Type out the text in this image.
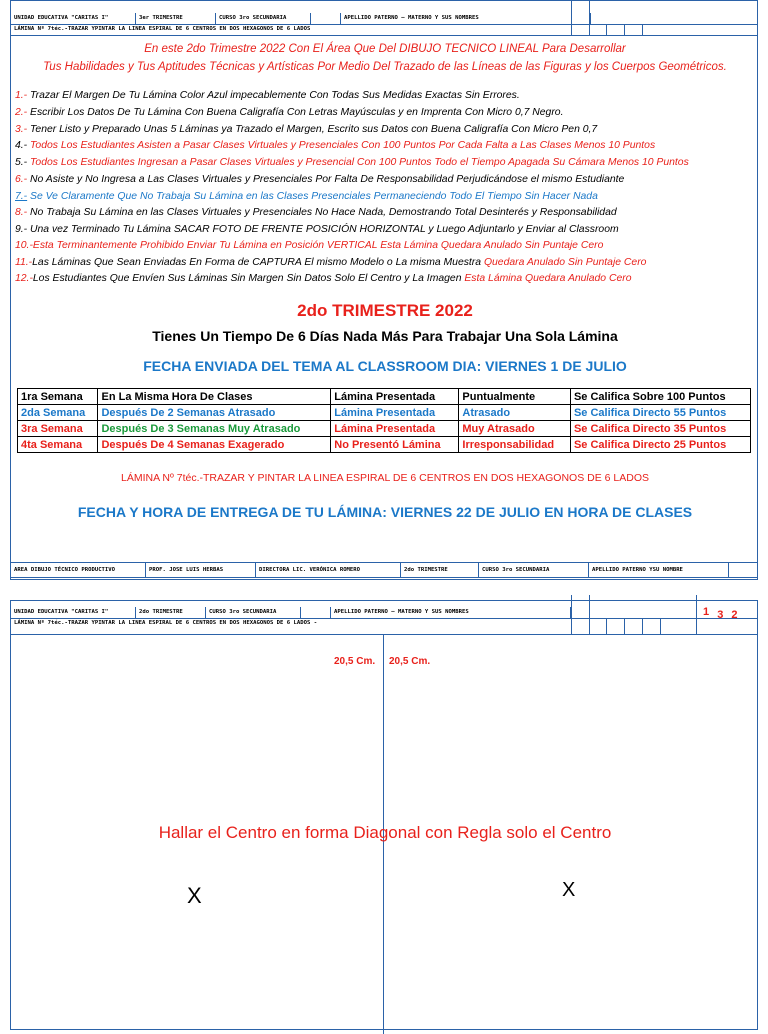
UNIDAD EDUCATIVA "CARITAS I"	3er TRIMESTRE	CURSO 3ro SECUNDARIA	APELLIDO PATERNO – MATERNO Y SUS NOMBRES
LÁMINA Nº 7téc.-TRAZAR YPINTAR LA LINEA ESPIRAL DE 6 CENTROS EN DOS HEXAGONOS DE 6 LADOS
En este 2do Trimestre 2022 Con El Área Que Del DIBUJO TECNICO LINEAL Para Desarrollar
Tus Habilidades y Tus Aptitudes Técnicas y Artísticas Por Medio Del Trazado de las Líneas de las Figuras y los Cuerpos Geométricos.
1.- Trazar El Margen De Tu Lámina Color Azul impecablemente Con Todas Sus Medidas Exactas Sin Errores.
2.- Escribir Los Datos De Tu Lámina Con Buena Caligrafía Con Letras Mayúsculas y en Imprenta Con Micro 0,7 Negro.
3.- Tener Listo y Preparado Unas 5 Láminas ya Trazado el Margen, Escrito sus Datos con Buena Caligrafía Con Micro Pen 0,7
4.- Todos Los Estudiantes Asisten a Pasar Clases Virtuales y Presenciales Con 100 Puntos Por Cada Falta a Las Clases Menos 10 Puntos
5.- Todos Los Estudiantes Ingresan a Pasar Clases Virtuales y Presencial Con 100 Puntos Todo el Tiempo Apagada Su Cámara Menos 10 Puntos
6.- No Asiste y No Ingresa a Las Clases Virtuales y Presenciales Por Falta De Responsabilidad Perjudicándose el mismo Estudiante
7.- Se Ve Claramente Que No Trabaja Su Lámina en las Clases Presenciales Permaneciendo Todo El Tiempo Sin Hacer Nada
8.- No Trabaja Su Lámina en las Clases Virtuales y Presenciales No Hace Nada, Demostrando Total Desinterés y Responsabilidad
9.- Una vez Terminado Tu Lámina SACAR FOTO DE FRENTE POSICIÓN HORIZONTAL y Luego Adjuntarlo y Enviar al Classroom
10.-Esta Terminantemente Prohibido Enviar Tu Lámina en Posición VERTICAL Esta Lámina Quedara Anulado Sin Puntaje Cero
11.-Las Láminas Que Sean Enviadas En Forma de CAPTURA El mismo Modelo o La misma Muestra Quedara Anulado Sin Puntaje Cero
12.-Los Estudiantes Que Envíen Sus Láminas Sin Margen Sin Datos Solo El Centro y La Imagen Esta Lámina Quedara Anulado Cero
2do TRIMESTRE 2022
Tienes Un Tiempo De 6 Días Nada Más Para Trabajar Una Sola Lámina
FECHA ENVIADA DEL TEMA AL CLASSROOM DIA: VIERNES 1 DE JULIO
1ra Semana	En La Misma Hora De Clases	Lámina Presentada	Puntualmente	Se Califica Sobre 100 Puntos
2da Semana	Después De 2 Semanas Atrasado	Lámina Presentada	Atrasado	Se Califica Directo 55 Puntos
3ra Semana	Después De 3 Semanas Muy Atrasado	Lámina Presentada	Muy Atrasado	Se Califica Directo 35 Puntos
4ta Semana	Después De 4 Semanas Exagerado	No Presentó Lámina	Irresponsabilidad	Se Califica Directo 25 Puntos
LÁMINA Nº 7téc.-TRAZAR Y PINTAR LA LINEA ESPIRAL DE 6 CENTROS EN DOS HEXAGONOS DE 6 LADOS
FECHA Y HORA DE ENTREGA DE TU LÁMINA: VIERNES 22 DE JULIO EN HORA DE CLASES
AREA DIBUJO TÉCNICO PRODUCTIVO	PROF. JOSE LUIS HERBAS	DIRECTORA LIC. VERÓNICA ROMERO	2do TRIMESTRE	CURSO 3ro SECUNDARIA	APELLIDO PATERNO YSU NOMBRE
UNIDAD EDUCATIVA "CARITAS I"	2do TRIMESTRE	CURSO 3ro SECUNDARIA	APELLIDO PATERNO – MATERNO Y SUS NOMBRES
LÁMINA Nº 7téc.-TRAZAR YPINTAR LA LINEA ESPIRAL DE 6 CENTROS EN DOS HEXAGONOS DE 6 LADOS -
1 3 2
20,5 Cm. 20,5 Cm.
Hallar el Centro en forma Diagonal con Regla solo el Centro
X	X
